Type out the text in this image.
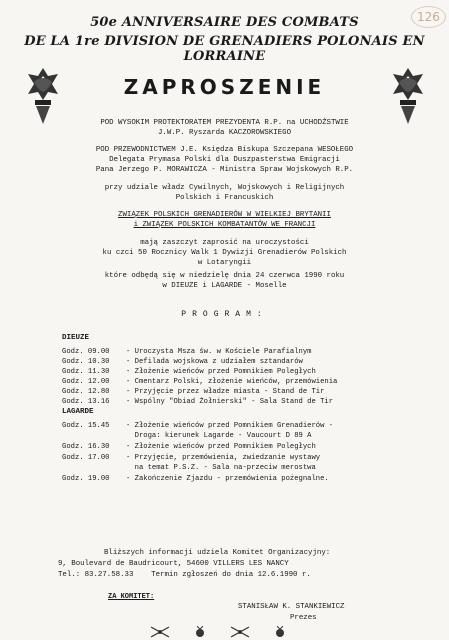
126
50e ANNIVERSAIRE DES COMBATS
DE LA 1re DIVISION DE GRENADIERS POLONAIS EN LORRAINE
ZAPROSZENIE
POD WYSOKIM PROTEKTORATEM PREZYDENTA R.P. na UCHODŹSTWIE
J.W.P. Ryszarda KACZOROWSKIEGO
POD PRZEWODNICTWEM J.E. Księdza Biskupa Szczepana WESOŁEGO
Delegata Prymasa Polski dla Duszpasterstwa Emigracji
Pana Jerzego P. MORAWICZA - Ministra Spraw Wojskowych R.P.
przy udziale władz Cywilnych, Wojskowych i Religijnych
Polskich i Francuskich
ZWIĄZEK POLSKICH GRENADIERÓW W WIELKIEJ BRYTANII
i ZWIĄZEK POLSKICH KOMBATANTÓW WE FRANCJI
mają zaszczyt zaprosić na uroczystości
ku czci 50 Rocznicy Walk 1 Dywizji Grenadierów Polskich
w Lotaryngii
które odbędą się w niedzielę dnia 24 czerwca 1990 roku
w DIEUZE i LAGARDE - Moselle
PROGRAM:
DIEUZE
Godz. 09.00 - Uroczysta Msza św. w Kościele Parafialnym
Godz. 10.30 - Defilada wojskowa z udziałem sztandarów
Godz. 11.30 - Złożenie wieńców przed Pomnikiem Poległych
Godz. 12.00 - Cmentarz Polski, złożenie wieńców, przemówienia
Godz. 12.80 - Przyjęcie przez władze miasta - Stand de Tir
Godz. 13.16 - Wspólny "Obiad Żołnierski" - Sala Stand de Tir
LAGARDE
Godz. 15.45 - Złożenie wieńców przed Pomnikiem Grenadierów -
Droga: kierunek Lagarde - Vaucourt D 89 A
Godz. 16.30 - Złożenie wieńców przed Pomnikiem Poległych
Godz. 17.00 - Przyjęcie, przemówienia, zwiedzanie wystawy
na temat P.S.Z. - Sala na-przeciw merostwa
Godz. 19.00 - Zakończenie Zjazdu - przemówienia pożegnalne.
Bliższych informacji udziela Komitet Organizacyjny:
9, Boulevard de Baudricourt, 54600 VILLERS LES NANCY
Tel.: 83.27.58.33    Termin zgłoszeń do dnia 12.6.1990 r.
ZA KOMITET:
STANISŁAW K. STANKIEWICZ
Prezes
